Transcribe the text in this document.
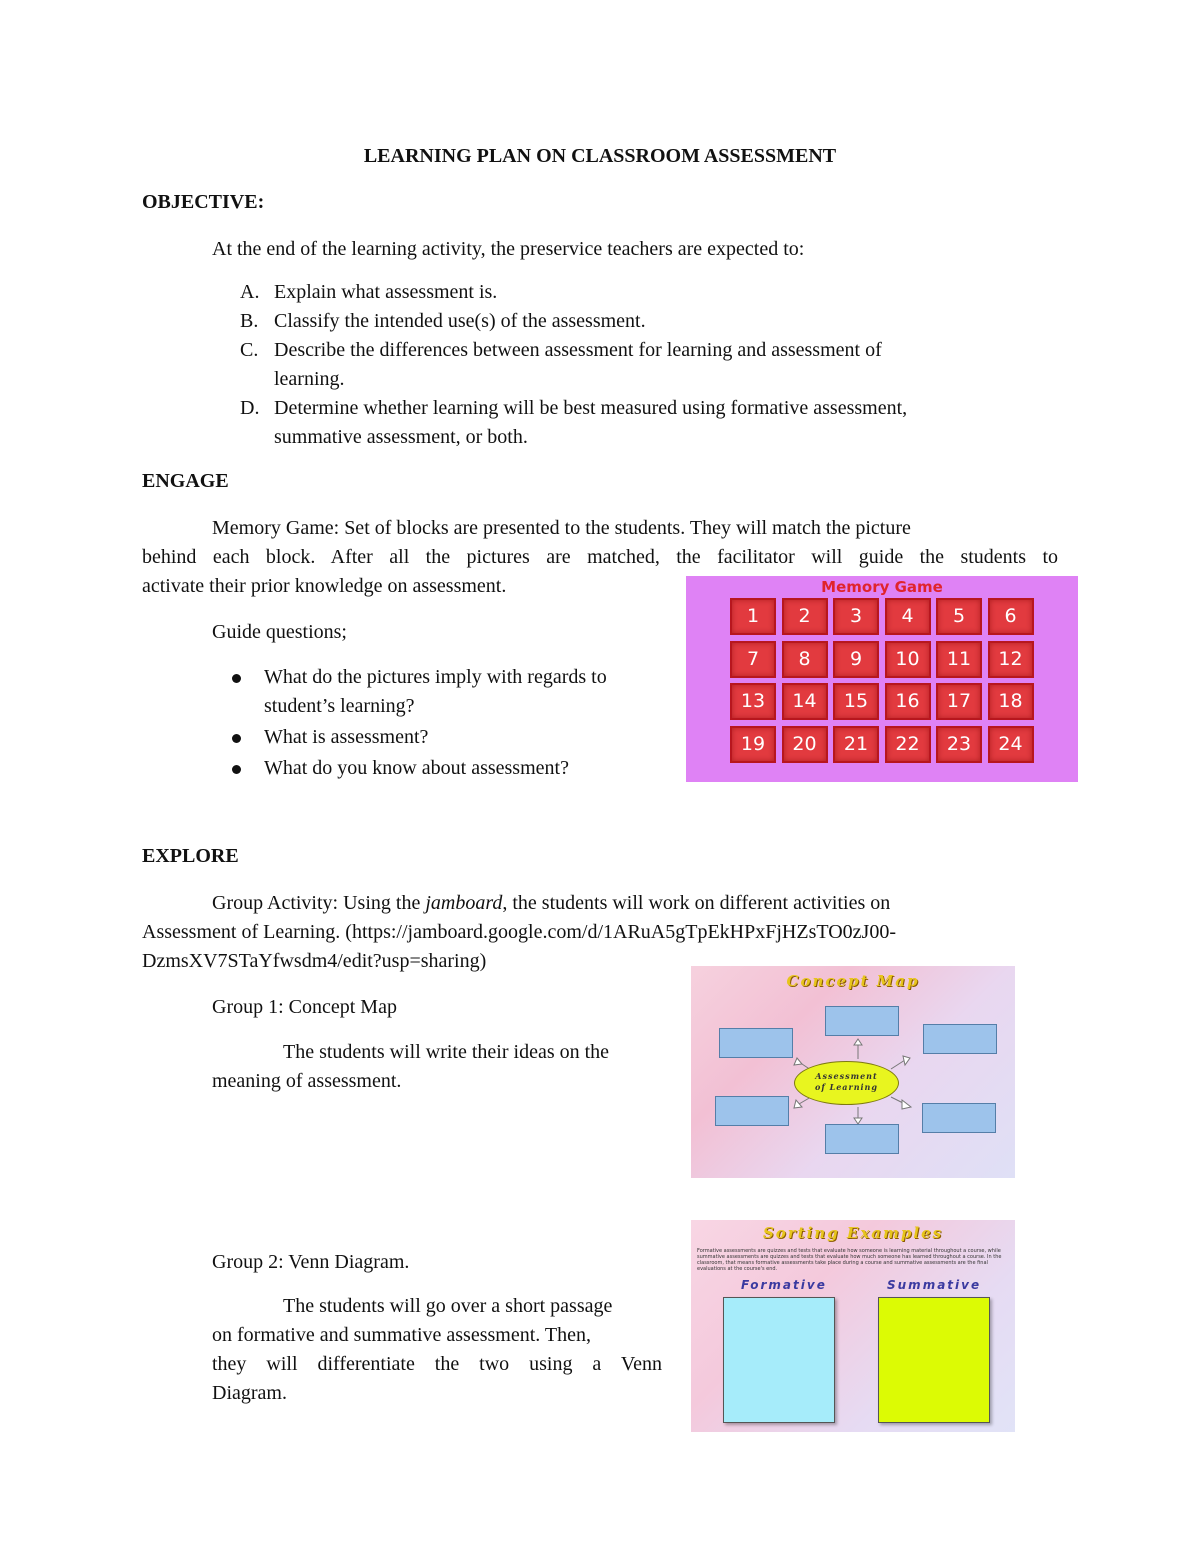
LEARNING PLAN ON CLASSROOM ASSESSMENT
OBJECTIVE:
At the end of the learning activity, the preservice teachers are expected to:
A. Explain what assessment is.
B. Classify the intended use(s) of the assessment.
C. Describe the differences between assessment for learning and assessment of
learning.
D. Determine whether learning will be best measured using formative assessment,
summative assessment, or both.
ENGAGE
Memory Game: Set of blocks are presented to the students. They will match the picture
behind each block. After all the pictures are matched, the facilitator will guide the students to
activate their prior knowledge on assessment.
Guide questions;
What do the pictures imply with regards to
student’s learning?
What is assessment?
What do you know about assessment?
Memory Game
1	2	3	4	5	6
7	8	9	10	11	12
13	14	15	16	17	18
19	20	21	22	23	24
EXPLORE
Group Activity: Using the jamboard, the students will work on different activities on
Assessment of Learning. (https://jamboard.google.com/d/1ARuA5gTpEkHPxFjHZsTO0zJ00-
DzmsXV7STaYfwsdm4/edit?usp=sharing)
Group 1: Concept Map
The students will write their ideas on the
meaning of assessment.
Concept Map
Assessment
of Learning
Group 2: Venn Diagram.
The students will go over a short passage
on formative and summative assessment. Then,
they will differentiate the two using a Venn
Diagram.
Sorting Examples
Formative assessments are quizzes and tests that evaluate how someone is learning material throughout a course, while summative assessments are quizzes and tests that evaluate how much someone has learned throughout a course. In the classroom, that means formative assessments take place during a course and summative assessments are the final evaluations at the course's end.
Formative	Summative
